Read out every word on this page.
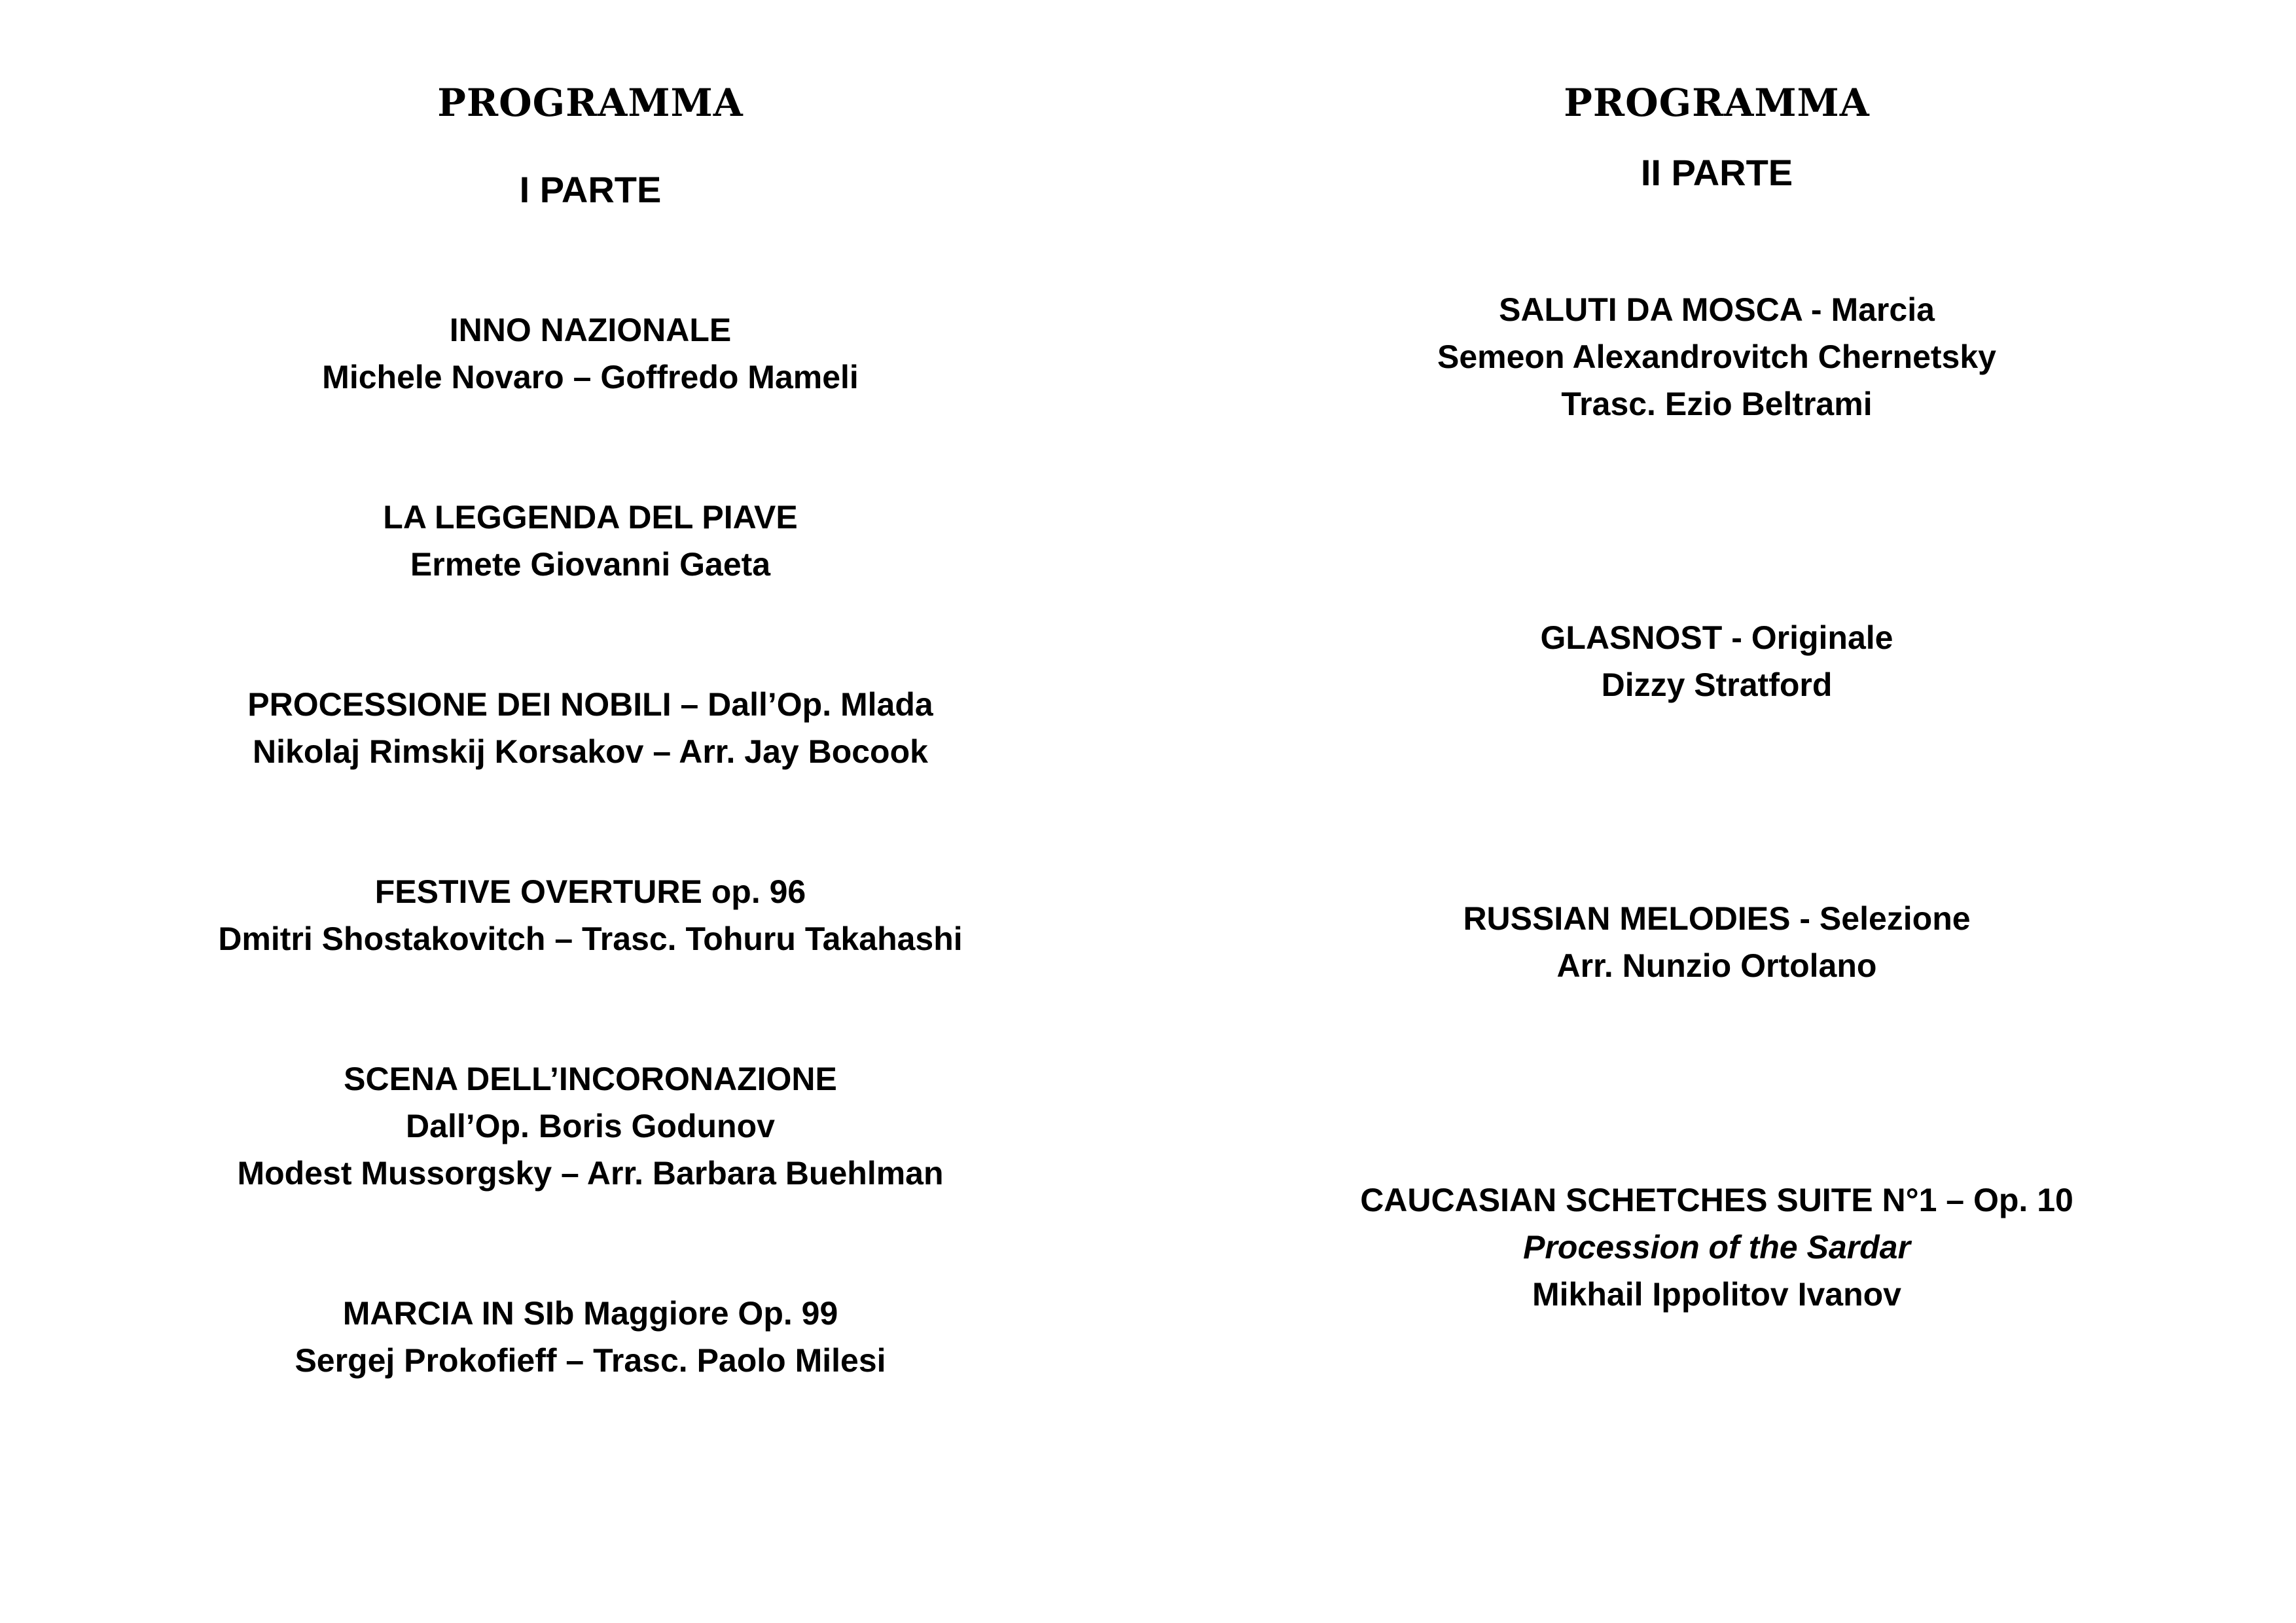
PROGRAMMA
I PARTE
INNO NAZIONALE
Michele Novaro – Goffredo Mameli
LA LEGGENDA DEL PIAVE
Ermete Giovanni Gaeta
PROCESSIONE DEI NOBILI – Dall’Op. Mlada
Nikolaj Rimskij Korsakov – Arr. Jay Bocook
FESTIVE OVERTURE op. 96
Dmitri Shostakovitch – Trasc. Tohuru Takahashi
SCENA DELL’INCORONAZIONE
Dall’Op. Boris Godunov
Modest Mussorgsky – Arr. Barbara Buehlman
MARCIA IN SIb Maggiore Op. 99
Sergej Prokofieff – Trasc. Paolo Milesi
PROGRAMMA
II PARTE
SALUTI DA MOSCA - Marcia
Semeon Alexandrovitch Chernetsky
Trasc. Ezio Beltrami
GLASNOST - Originale
Dizzy Stratford
RUSSIAN MELODIES - Selezione
Arr. Nunzio Ortolano
CAUCASIAN SCHETCHES SUITE N°1 – Op. 10
Procession of the Sardar
Mikhail Ippolitov Ivanov
